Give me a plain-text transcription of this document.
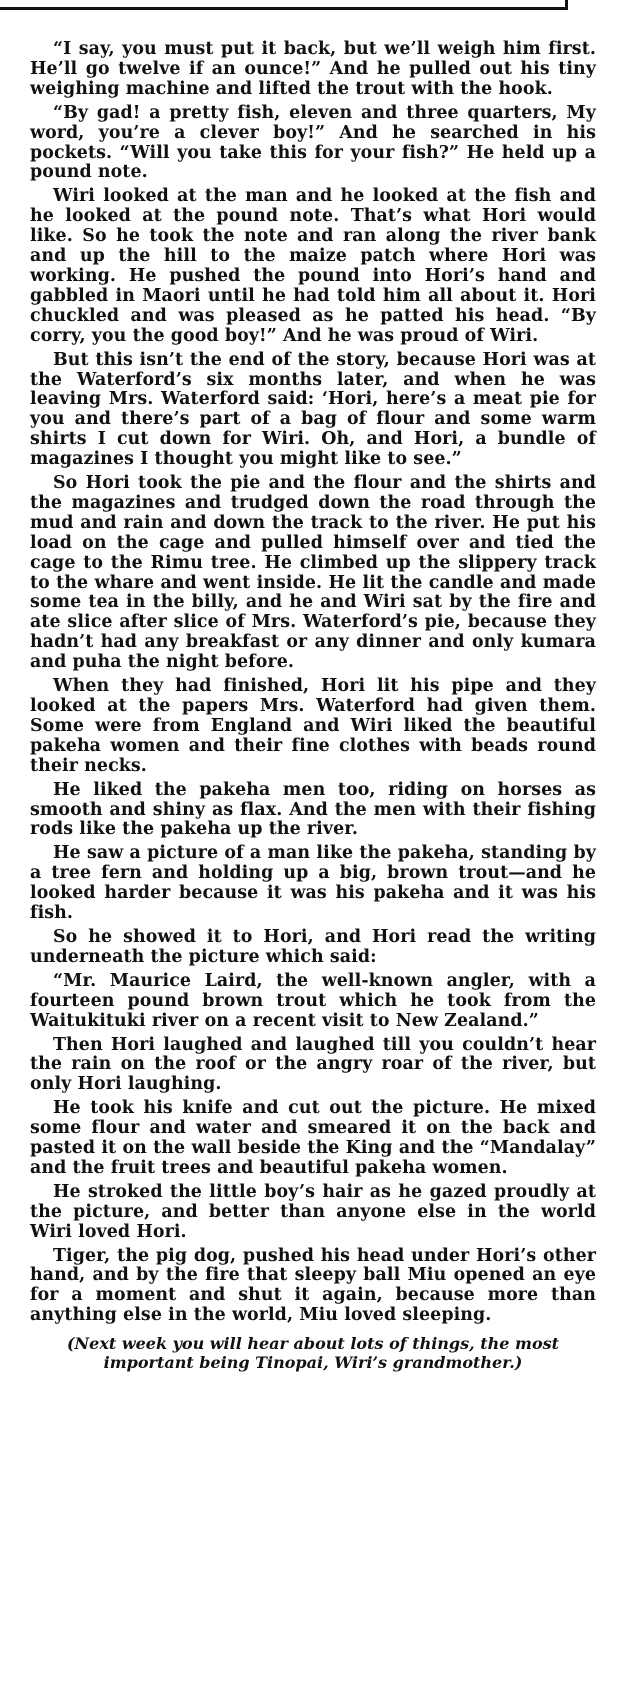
“I say, you must put it back, but we’ll weigh him first. He’ll go twelve if an ounce!” And he pulled out his tiny weighing machine and lifted the trout with the hook.

“By gad! a pretty fish, eleven and three quarters, My word, you’re a clever boy!” And he searched in his pockets. “Will you take this for your fish?” He held up a pound note.

Wiri looked at the man and he looked at the fish and he looked at the pound note. That’s what Hori would like. So he took the note and ran along the river bank and up the hill to the maize patch where Hori was working. He pushed the pound into Hori’s hand and gabbled in Maori until he had told him all about it. Hori chuckled and was pleased as he patted his head. “By corry, you the good boy!” And he was proud of Wiri.

But this isn’t the end of the story, because Hori was at the Waterford’s six months later, and when he was leaving Mrs. Waterford said: ‘Hori, here’s a meat pie for you and there’s part of a bag of flour and some warm shirts I cut down for Wiri. Oh, and Hori, a bundle of magazines I thought you might like to see.”

So Hori took the pie and the flour and the shirts and the magazines and trudged down the road through the mud and rain and down the track to the river. He put his load on the cage and pulled himself over and tied the cage to the Rimu tree. He climbed up the slippery track to the whare and went inside. He lit the candle and made some tea in the billy, and he and Wiri sat by the fire and ate slice after slice of Mrs. Waterford’s pie, because they hadn’t had any breakfast or any dinner and only kumara and puha the night before.

When they had finished, Hori lit his pipe and they looked at the papers Mrs. Waterford had given them. Some were from England and Wiri liked the beautiful pakeha women and their fine clothes with beads round their necks.

He liked the pakeha men too, riding on horses as smooth and shiny as flax. And the men with their fishing rods like the pakeha up the river.

He saw a picture of a man like the pakeha, standing by a tree fern and holding up a big, brown trout—and he looked harder because it was his pakeha and it was his fish.

So he showed it to Hori, and Hori read the writing underneath the picture which said:

“Mr. Maurice Laird, the well-known angler, with a fourteen pound brown trout which he took from the Waitukituki river on a recent visit to New Zealand.”

Then Hori laughed and laughed till you couldn’t hear the rain on the roof or the angry roar of the river, but only Hori laughing.

He took his knife and cut out the picture. He mixed some flour and water and smeared it on the back and pasted it on the wall beside the King and the “Mandalay” and the fruit trees and beautiful pakeha women.

He stroked the little boy’s hair as he gazed proudly at the picture, and better than anyone else in the world Wiri loved Hori.

Tiger, the pig dog, pushed his head under Hori’s other hand, and by the fire that sleepy ball Miu opened an eye for a moment and shut it again, because more than anything else in the world, Miu loved sleeping.

(Next week you will hear about lots of things, the most important being Tinopai, Wiri’s grandmother.)
